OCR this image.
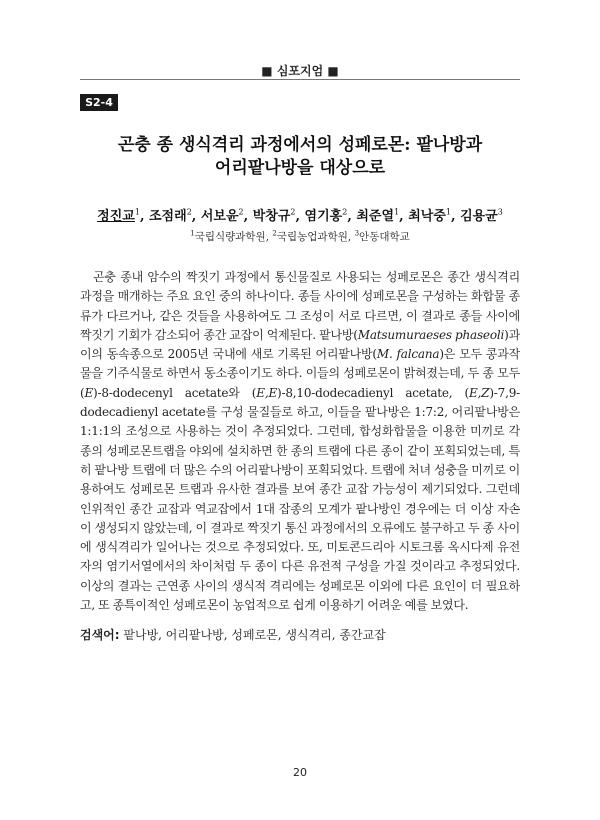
■ 심포지엄 ■
S2-4
곤충 종 생식격리 과정에서의 성페로몬: 팥나방과
어리팥나방을 대상으로
정진교$^1$, 조점래$^2$, 서보윤$^2$, 박창규$^2$, 염기홍$^2$, 최준열$^1$, 최낙중$^1$, 김용균$^3$
$^1$국립식량과학원, $^2$국립농업과학원, $^3$안동대학교
곤충 종내 암수의 짝짓기 과정에서 통신물질로 사용되는 성페로몬은 종간 생식격리 과정을 매개하는 주요 요인 중의 하나이다. 종들 사이에 성페로몬을 구성하는 화합물 종류가 다르거나, 같은 것들을 사용하여도 그 조성이 서로 다르면, 이 결과로 종들 사이에 짝짓기 기회가 감소되어 종간 교잡이 억제된다. 팥나방(Matsumuraeses phaseoli)과 이의 동속종으로 2005년 국내에 새로 기록된 어리팥나방(M. falcana)은 모두 콩과작물을 기주식물로 하면서 동소종이기도 하다. 이들의 성페로몬이 밝혀졌는데, 두 종 모두 (E)-8-dodecenyl acetate와 (E,E)-8,10-dodecadienyl acetate, (E,Z)-7,9-dodecadienyl acetate를 구성 물질들로 하고, 이들을 팥나방은 1:7:2, 어리팥나방은 1:1:1의 조성으로 사용하는 것이 추정되었다. 그런데, 합성화합물을 이용한 미끼로 각 종의 성페로몬트랩을 야외에 설치하면 한 종의 트랩에 다른 종이 같이 포획되었는데, 특히 팥나방 트랩에 더 많은 수의 어리팥나방이 포획되었다. 트랩에 처녀 성충을 미끼로 이용하여도 성페로몬 트랩과 유사한 결과를 보여 종간 교잡 가능성이 제기되었다. 그런데 인위적인 종간 교잡과 역교잡에서 1대 잡종의 모계가 팥나방인 경우에는 더 이상 자손이 생성되지 않았는데, 이 결과로 짝짓기 통신 과정에서의 오류에도 불구하고 두 종 사이에 생식격리가 일어나는 것으로 추정되었다. 또, 미토콘드리아 시토크롬 옥시다제 유전자의 염기서열에서의 차이처럼 두 종이 다른 유전적 구성을 가질 것이라고 추정되었다. 이상의 결과는 근연종 사이의 생식적 격리에는 성페로몬 이외에 다른 요인이 더 필요하고, 또 종특이적인 성페로몬이 농업적으로 쉽게 이용하기 어려운 예를 보였다.
검색어: 팥나방, 어리팥나방, 성페로몬, 생식격리, 종간교잡
20
